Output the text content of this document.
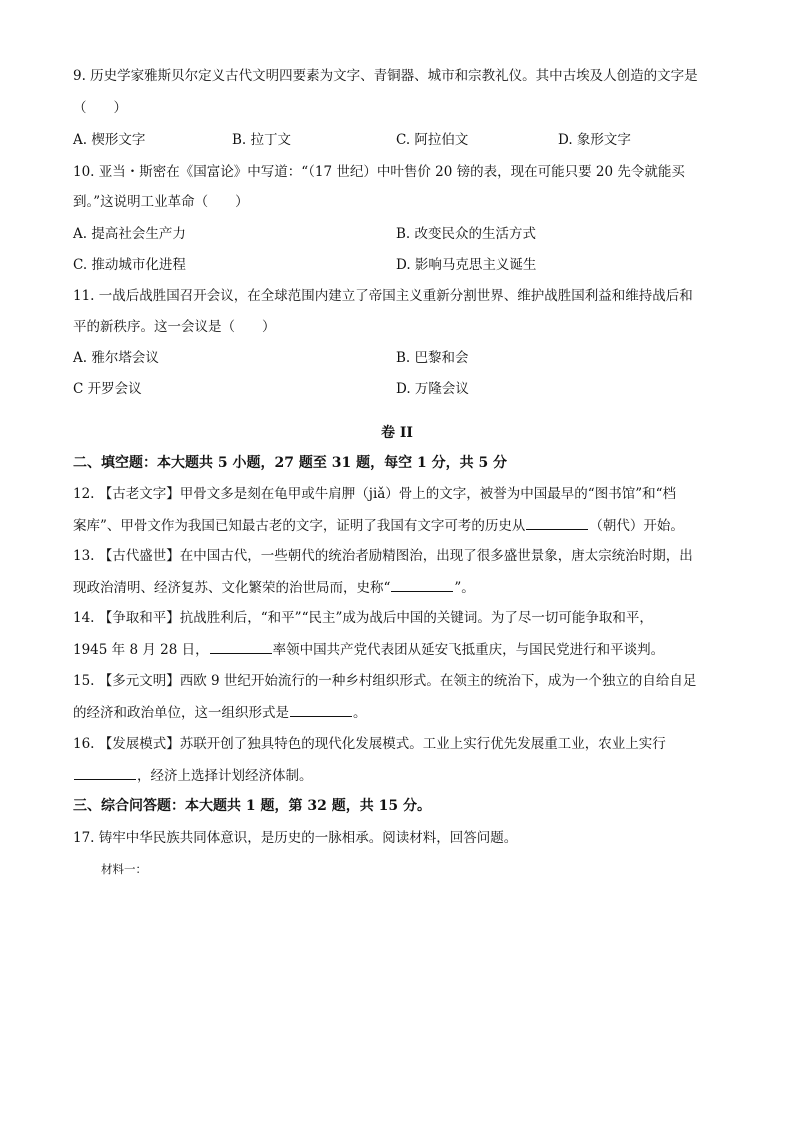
9. 历史学家雅斯贝尔定义古代文明四要素为文字、青铜器、城市和宗教礼仪。其中古埃及人创造的文字是
（　　）
A. 楔形文字	B. 拉丁文	C. 阿拉伯文	D. 象形文字
10. 亚当・斯密在《国富论》中写道：“（17 世纪）中叶售价 20 镑的表，现在可能只要 20 先令就能买
到。”这说明工业革命（　　）
A. 提高社会生产力	B. 改变民众的生活方式
C. 推动城市化进程	D. 影响马克思主义诞生
11. 一战后战胜国召开会议，在全球范围内建立了帝国主义重新分割世界、维护战胜国利益和维持战后和
平的新秩序。这一会议是（　　）
A. 雅尔塔会议	B. 巴黎和会
C 开罗会议	D. 万隆会议
卷 II
二、填空题：本大题共 5 小题，27 题至 31 题，每空 1 分，共 5 分
12. 【古老文字】甲骨文多是刻在龟甲或牛肩胛（jiǎ）骨上的文字，被誉为中国最早的“图书馆”和“档
案库”、甲骨文作为我国已知最古老的文字，证明了我国有文字可考的历史从	（朝代）开始。
13. 【古代盛世】在中国古代，一些朝代的统治者励精图治，出现了很多盛世景象，唐太宗统治时期，出
现政治清明、经济复苏、文化繁荣的治世局而，史称“	”。
14. 【争取和平】抗战胜利后，“和平”“民主”成为战后中国的关键词。为了尽一切可能争取和平，
1945 年 8 月 28 日，	率领中国共产党代表团从延安飞抵重庆，与国民党进行和平谈判。
15. 【多元文明】西欧 9 世纪开始流行的一种乡村组织形式。在领主的统治下，成为一个独立的自给自足
的经济和政治单位，这一组织形式是	。
16. 【发展模式】苏联开创了独具特色的现代化发展模式。工业上实行优先发展重工业，农业上实行
，经济上选择计划经济体制。
三、综合问答题：本大题共 1 题，第 32 题，共 15 分。
17. 铸牢中华民族共同体意识，是历史的一脉相承。阅读材料，回答问题。
材料一：
